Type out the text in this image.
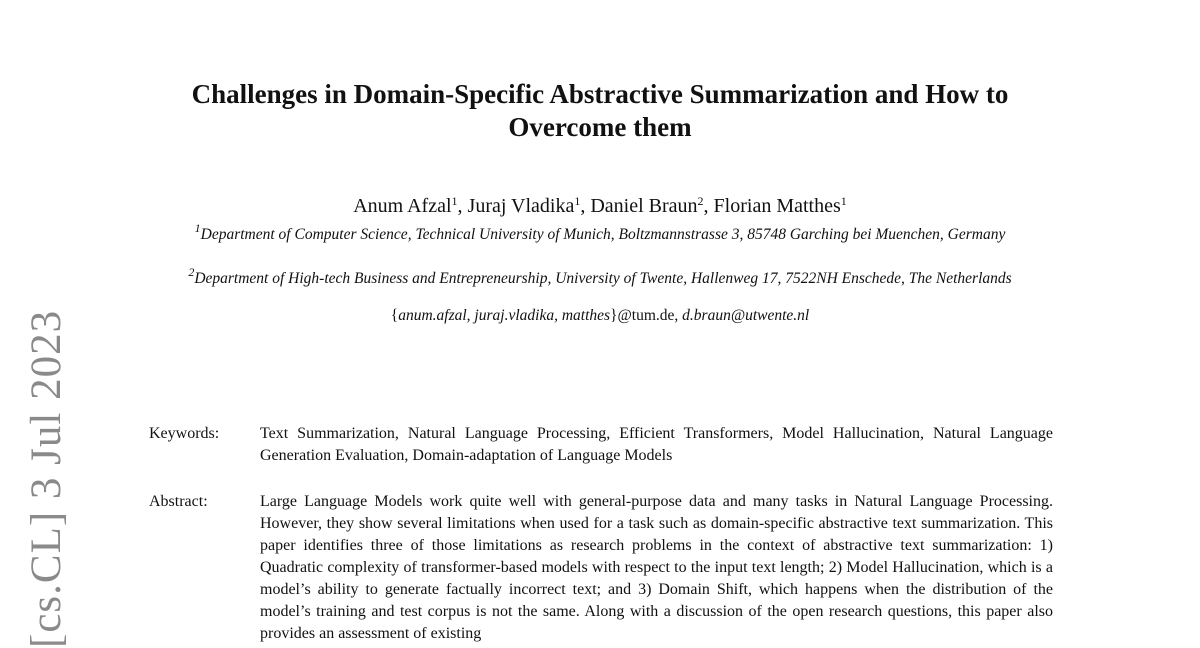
Challenges in Domain-Specific Abstractive Summarization and How to Overcome them
Anum Afzal$^1$, Juraj Vladika$^1$, Daniel Braun$^2$, Florian Matthes$^1$
$^1$Department of Computer Science, Technical University of Munich, Boltzmannstrasse 3, 85748 Garching bei Muenchen, Germany
$^2$Department of High-tech Business and Entrepreneurship, University of Twente, Hallenweg 17, 7522NH Enschede, The Netherlands
{anum.afzal, juraj.vladika, matthes}@tum.de, d.braun@utwente.nl
Keywords:	Text Summarization, Natural Language Processing, Efficient Transformers, Model Hallucination, Natural Language Generation Evaluation, Domain-adaptation of Language Models
Abstract:	Large Language Models work quite well with general-purpose data and many tasks in Natural Language Processing. However, they show several limitations when used for a task such as domain-specific abstractive text summarization. This paper identifies three of those limitations as research problems in the context of abstractive text summarization: 1) Quadratic complexity of transformer-based models with respect to the input text length; 2) Model Hallucination, which is a model’s ability to generate factually incorrect text; and 3) Domain Shift, which happens when the distribution of the model’s training and test corpus is not the same. Along with a discussion of the open research questions, this paper also provides an assessment of existing
[cs.CL] 3 Jul 2023
